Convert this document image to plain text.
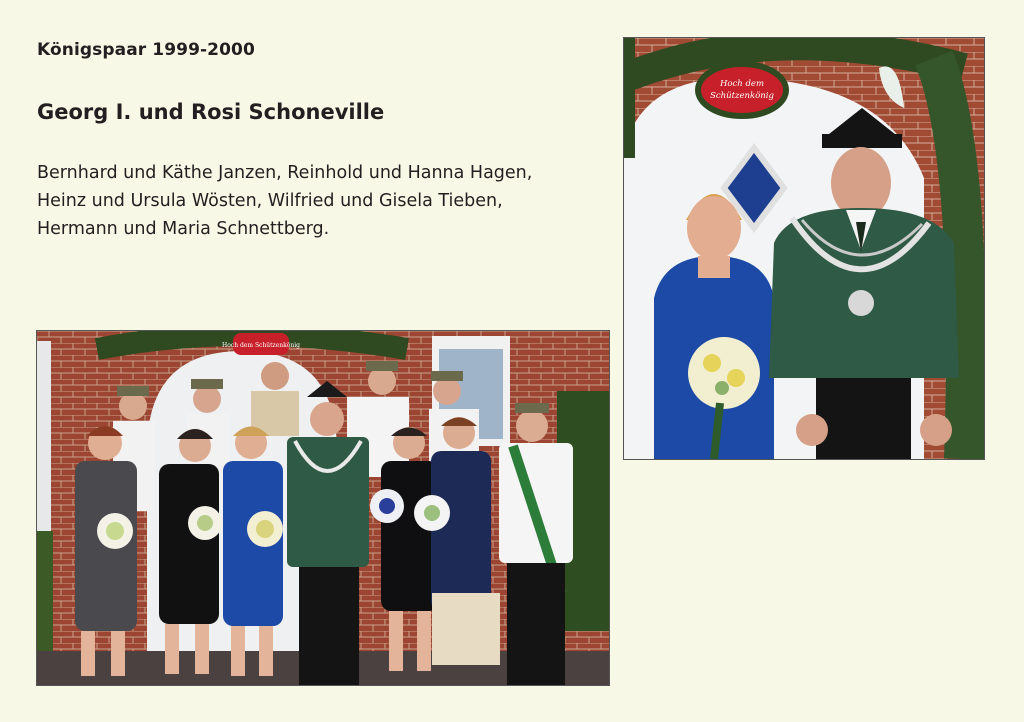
Königspaar 1999-2000
Georg I. und Rosi Schoneville
Bernhard und Käthe Janzen, Reinhold und Hanna Hagen,
Heinz und Ursula Wösten, Wilfried und Gisela Tieben,
Hermann und Maria Schnettberg.
Hoch dem Schützenkönig
Hoch dem
Schützenkönig
